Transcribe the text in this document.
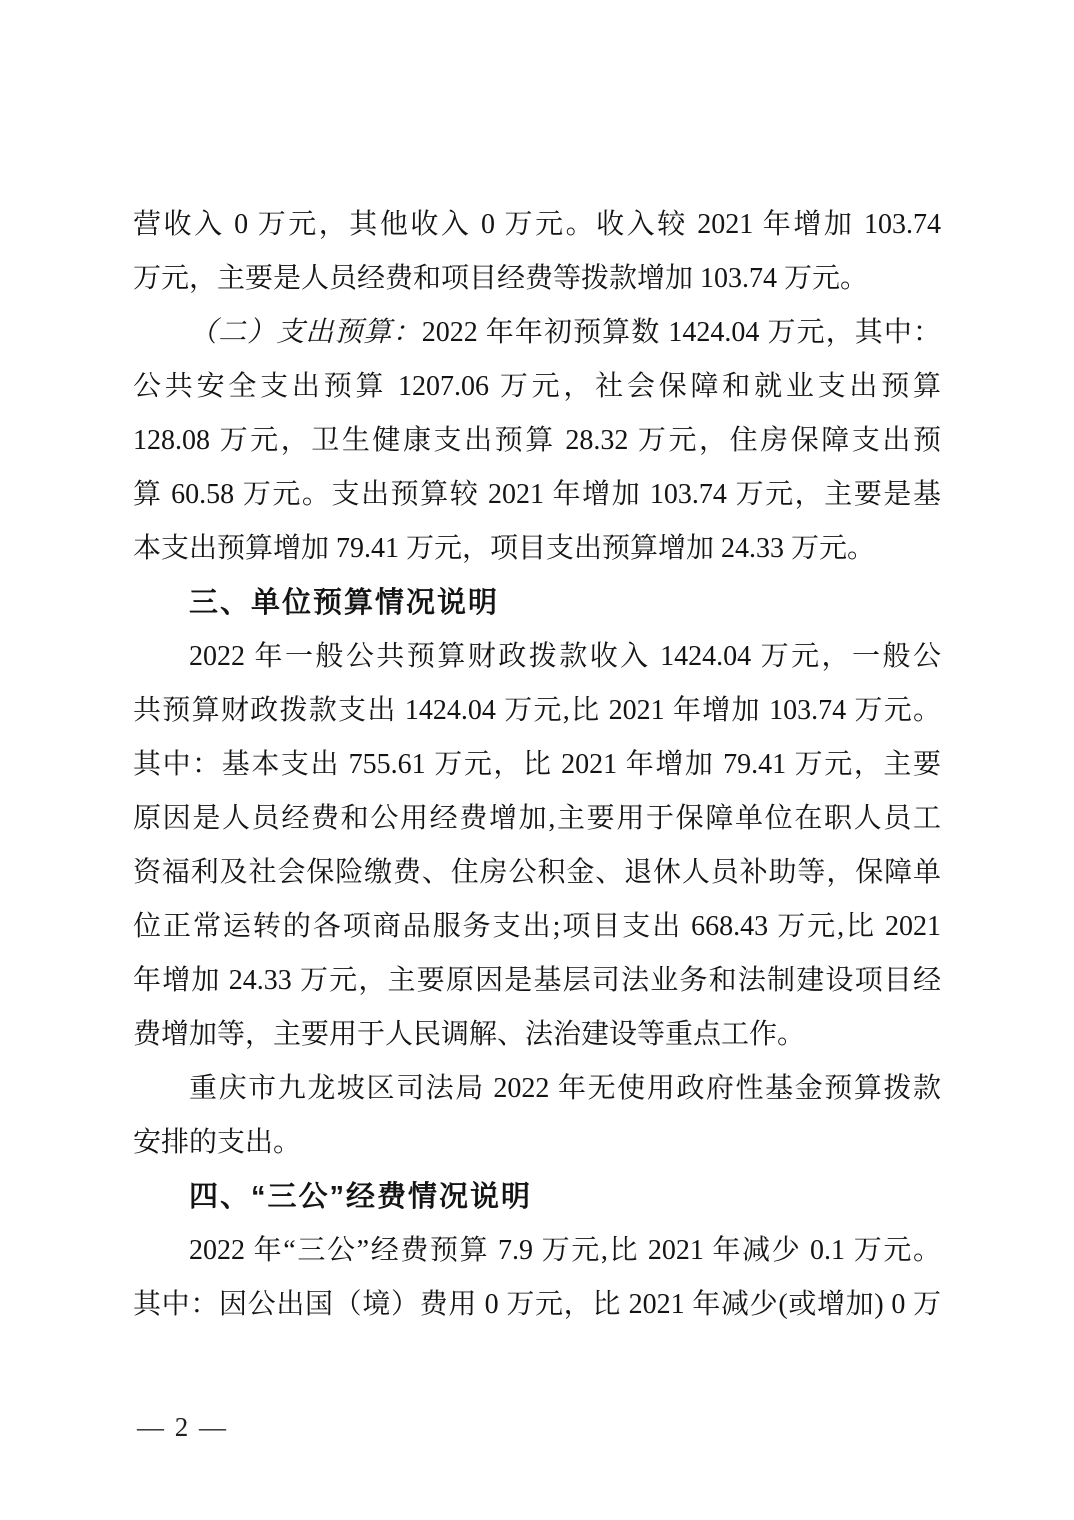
营收入 0 万元，其他收入 0 万元。收入较 2021 年增加 103.74
万元，主要是人员经费和项目经费等拨款增加 103.74 万元。
（二）支出预算：2022 年年初预算数 1424.04 万元，其中：
公共安全支出预算 1207.06 万元，社会保障和就业支出预算
128.08 万元，卫生健康支出预算 28.32 万元，住房保障支出预
算 60.58 万元。支出预算较 2021 年增加 103.74 万元，主要是基
本支出预算增加 79.41 万元，项目支出预算增加 24.33 万元。
三、单位预算情况说明
2022 年一般公共预算财政拨款收入 1424.04 万元，一般公
共预算财政拨款支出 1424.04 万元,比 2021 年增加 103.74 万元。
其中：基本支出 755.61 万元，比 2021 年增加 79.41 万元，主要
原因是人员经费和公用经费增加,主要用于保障单位在职人员工
资福利及社会保险缴费、住房公积金、退休人员补助等，保障单
位正常运转的各项商品服务支出;项目支出 668.43 万元,比 2021
年增加 24.33 万元，主要原因是基层司法业务和法制建设项目经
费增加等，主要用于人民调解、法治建设等重点工作。
重庆市九龙坡区司法局 2022 年无使用政府性基金预算拨款
安排的支出。
四、“三公”经费情况说明
2022 年“三公”经费预算 7.9 万元,比 2021 年减少 0.1 万元。
其中：因公出国（境）费用 0 万元，比 2021 年减少(或增加) 0 万
— 2 —
